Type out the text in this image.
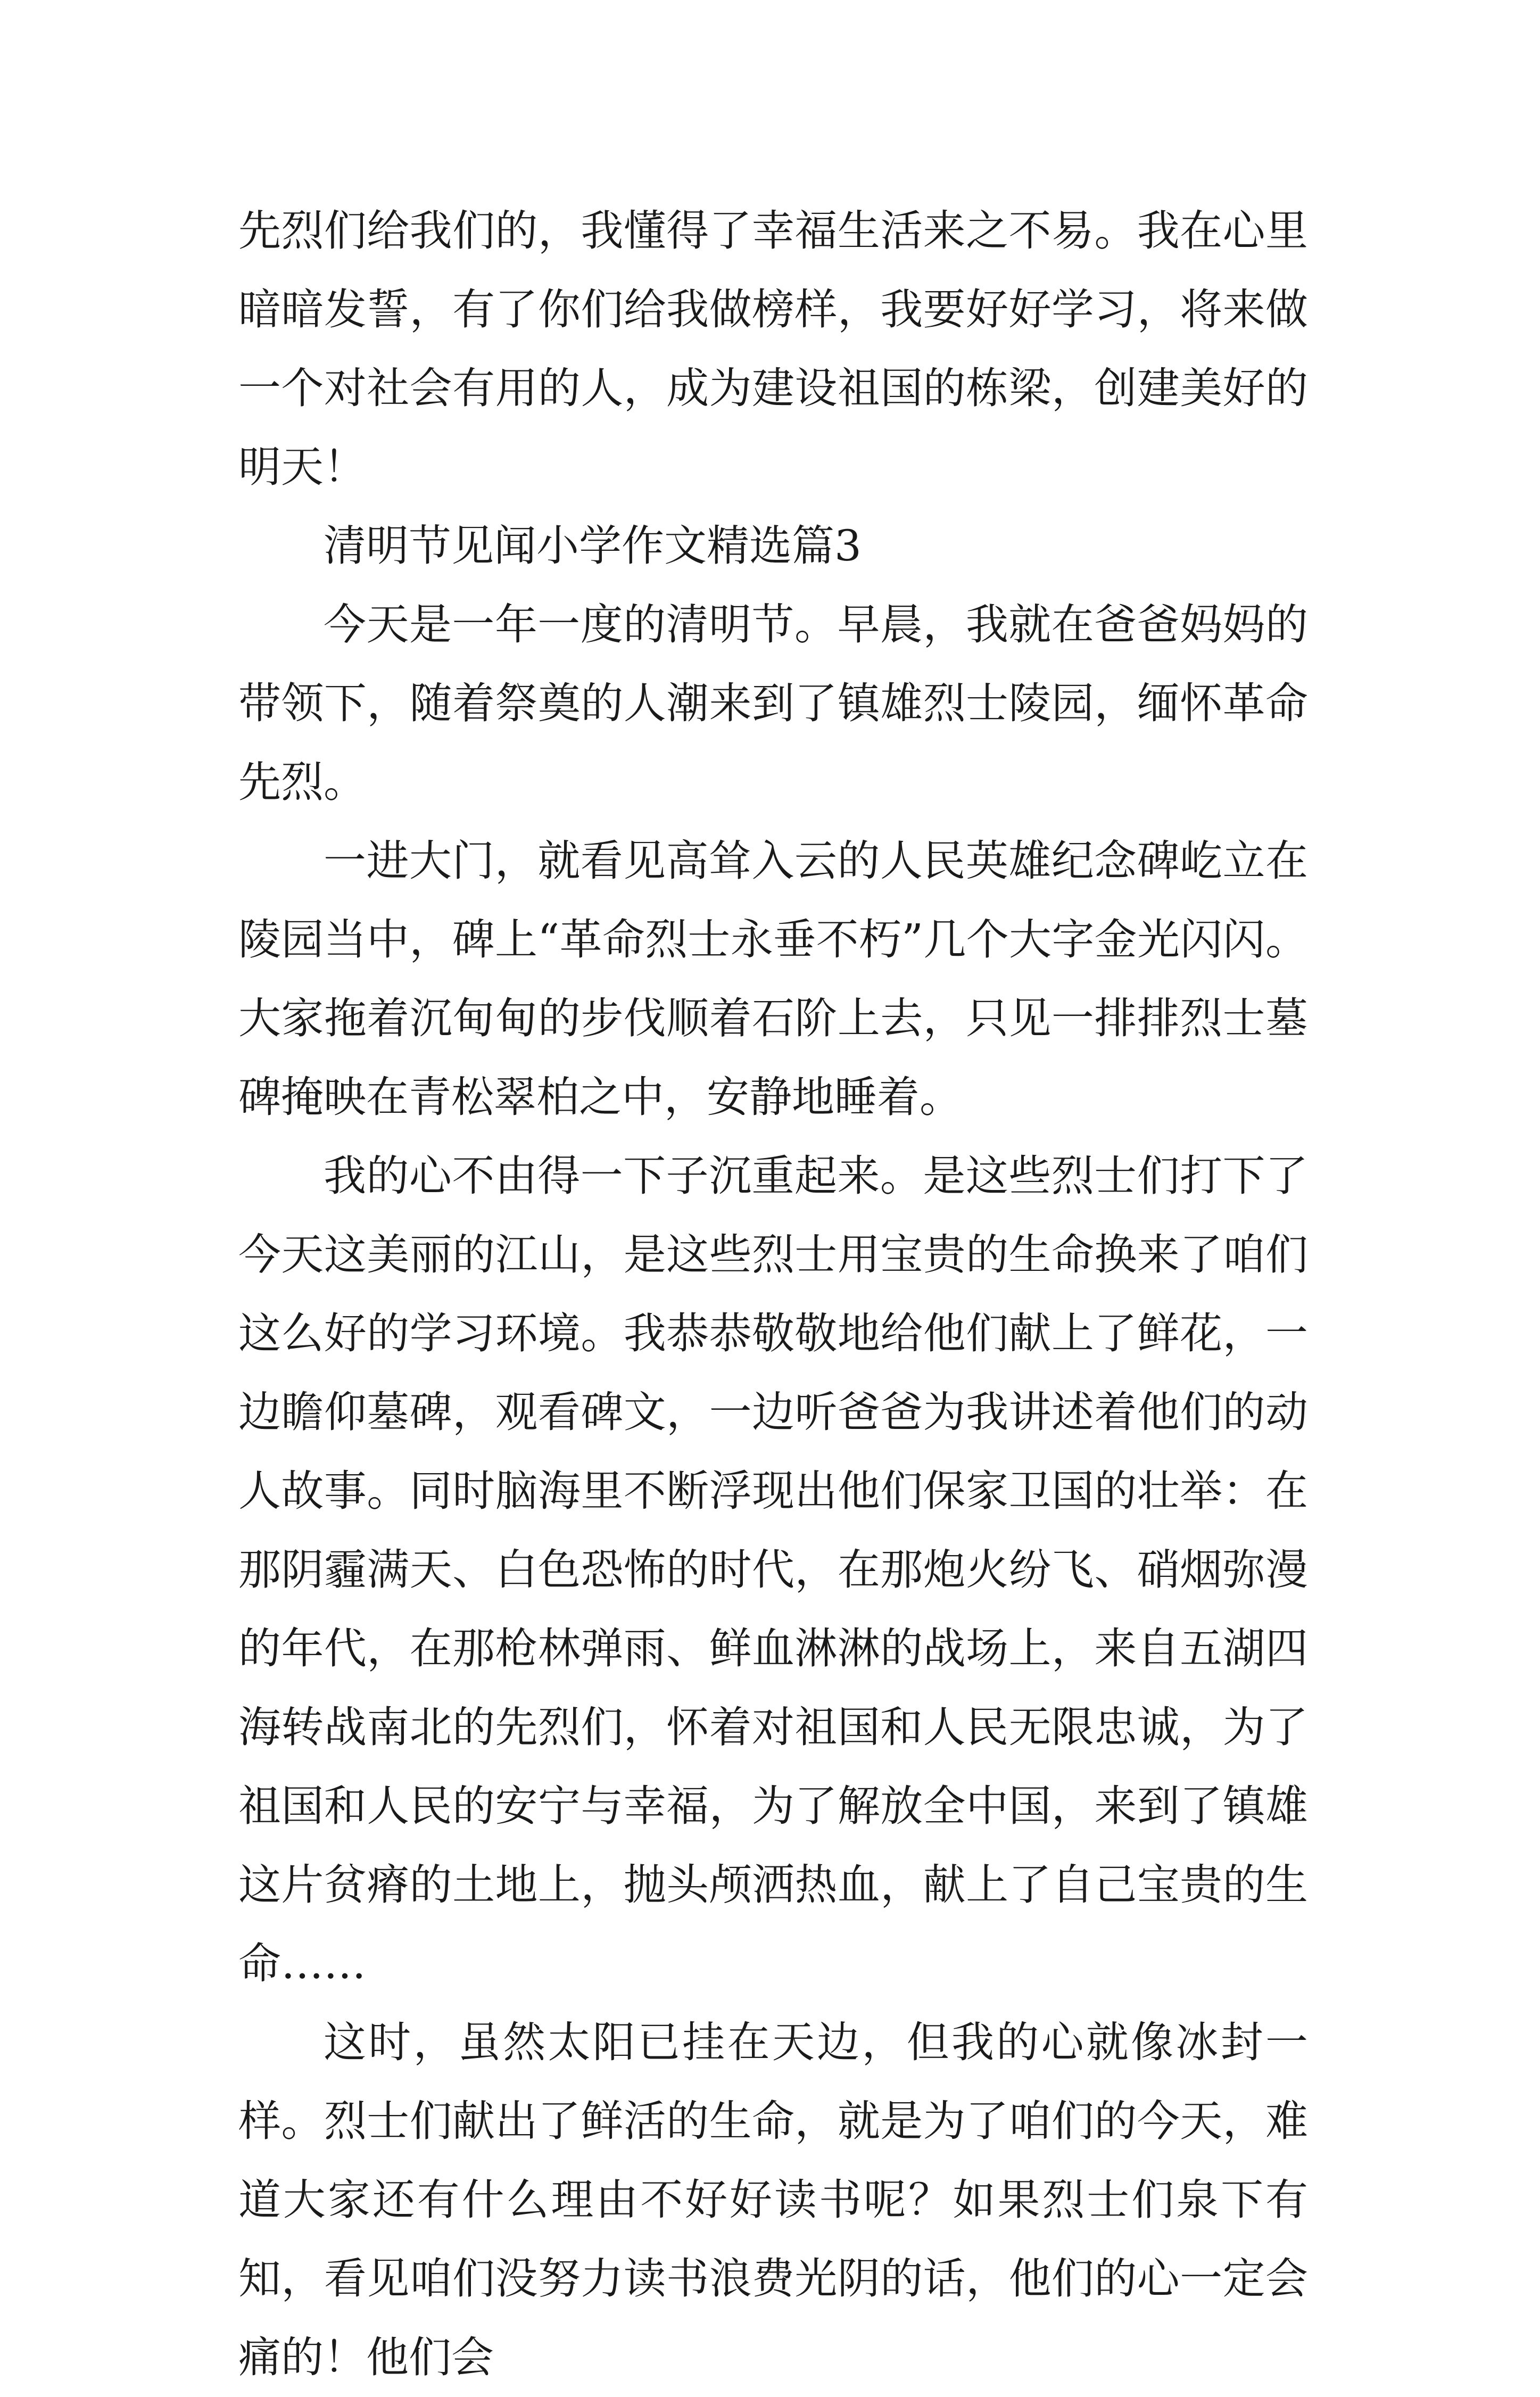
先烈们给我们的，我懂得了幸福生活来之不易。我在心里暗暗发誓，有了你们给我做榜样，我要好好学习，将来做一个对社会有用的人，成为建设祖国的栋梁，创建美好的明天！

清明节见闻小学作文精选篇3

今天是一年一度的清明节。早晨，我就在爸爸妈妈的带领下，随着祭奠的人潮来到了镇雄烈士陵园，缅怀革命先烈。

一进大门，就看见高耸入云的人民英雄纪念碑屹立在陵园当中，碑上“革命烈士永垂不朽”几个大字金光闪闪。大家拖着沉甸甸的步伐顺着石阶上去，只见一排排烈士墓碑掩映在青松翠柏之中，安静地睡着。

我的心不由得一下子沉重起来。是这些烈士们打下了今天这美丽的江山，是这些烈士用宝贵的生命换来了咱们这么好的学习环境。我恭恭敬敬地给他们献上了鲜花，一边瞻仰墓碑，观看碑文，一边听爸爸为我讲述着他们的动人故事。同时脑海里不断浮现出他们保家卫国的壮举：在那阴霾满天、白色恐怖的时代，在那炮火纷飞、硝烟弥漫的年代，在那枪林弹雨、鲜血淋淋的战场上，来自五湖四海转战南北的先烈们，怀着对祖国和人民无限忠诚，为了祖国和人民的安宁与幸福，为了解放全中国，来到了镇雄这片贫瘠的土地上，抛头颅洒热血，献上了自己宝贵的生命……

这时，虽然太阳已挂在天边，但我的心就像冰封一样。烈士们献出了鲜活的生命，就是为了咱们的今天，难道大家还有什么理由不好好读书呢？如果烈士们泉下有知，看见咱们没努力读书浪费光阴的话，他们的心一定会痛的！他们会
